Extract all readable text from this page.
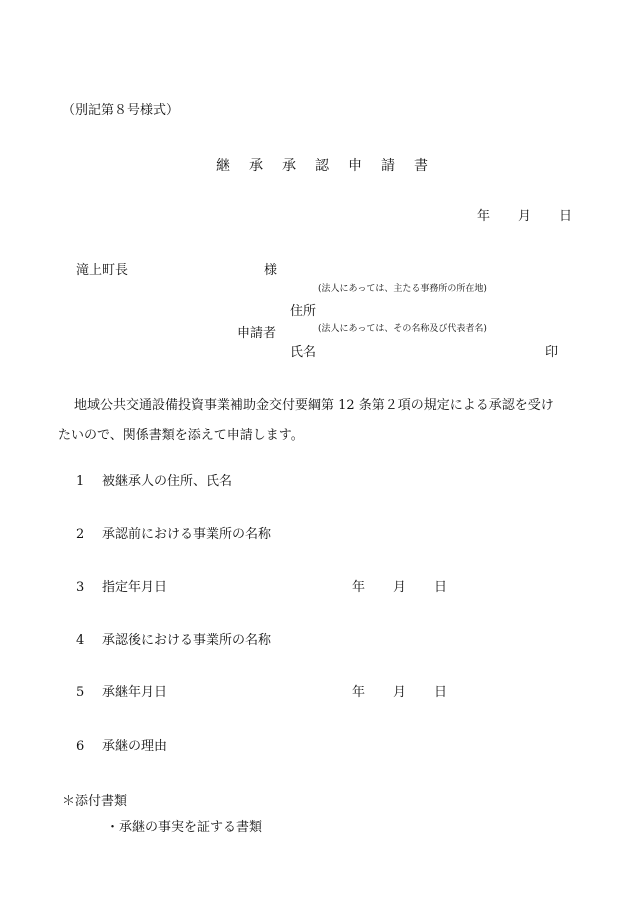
（別記第８号様式）
継 承 承 認 申 請 書
年 月 日
滝上町長	様
(法人にあっては、主たる事務所の所在地)
住所
申請者	(法人にあっては、その名称及び代表者名)
氏名	印
地域公共交通設備投資事業補助金交付要綱第 12 条第２項の規定による承認を受け
たいので、関係書類を添えて申請します。
1 被継承人の住所、氏名
2 承認前における事業所の名称
3 指定年月日	年 月 日
4 承認後における事業所の名称
5 承継年月日	年 月 日
6 承継の理由
＊添付書類
・承継の事実を証する書類
